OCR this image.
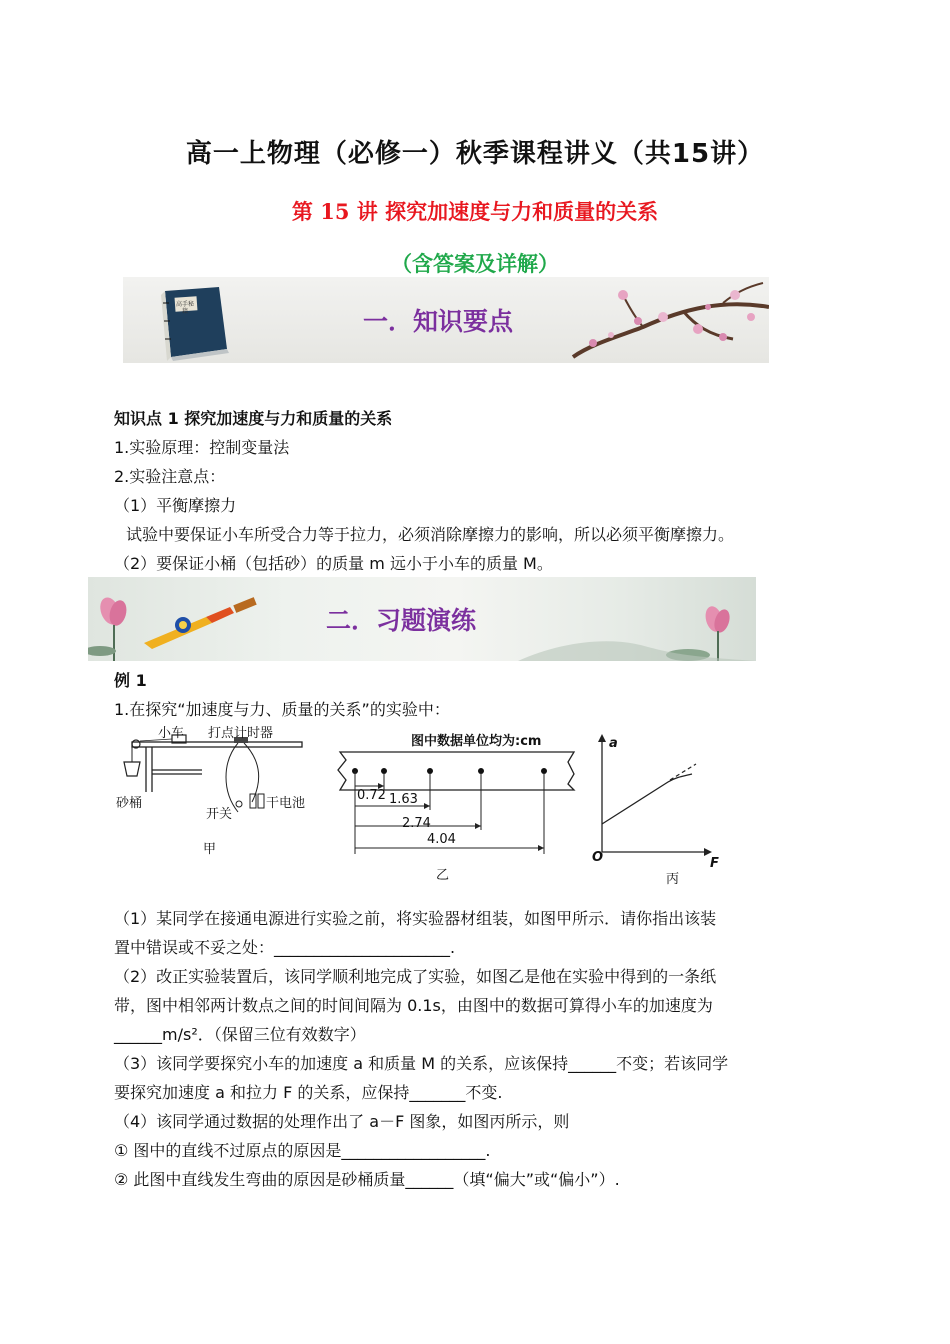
高一上物理（必修一）秋季课程讲义（共15讲）
第 15 讲 探究加速度与力和质量的关系
（含答案及详解）
高手秘籍	一．知识要点
知识点 1 探究加速度与力和质量的关系
1.实验原理：控制变量法
2.实验注意点：
（1）平衡摩擦力
试验中要保证小车所受合力等于拉力，必须消除摩擦力的影响，所以必须平衡摩擦力。
（2）要保证小桶（包括砂）的质量 m 远小于小车的质量 M。
二．习题演练
例 1
1.在探究“加速度与力、质量的关系”的实验中：
小车 打点计时器
砂桶
开关
干电池
甲
图中数据单位均为:cm
0.72 1.63
2.74
4.04
乙
a
F
O
丙
（1）某同学在接通电源进行实验之前，将实验器材组装，如图甲所示．请你指出该装
置中错误或不妥之处：______________________.
（2）改正实验装置后，该同学顺利地完成了实验，如图乙是他在实验中得到的一条纸
带，图中相邻两计数点之间的时间间隔为 0.1s，由图中的数据可算得小车的加速度为
______m/s²．（保留三位有效数字）
（3）该同学要探究小车的加速度 a 和质量 M 的关系，应该保持______不变；若该同学
要探究加速度 a 和拉力 F 的关系，应保持_______不变.
（4）该同学通过数据的处理作出了 a－F 图象，如图丙所示，则
① 图中的直线不过原点的原因是__________________.
② 此图中直线发生弯曲的原因是砂桶质量______（填“偏大”或“偏小”）.
